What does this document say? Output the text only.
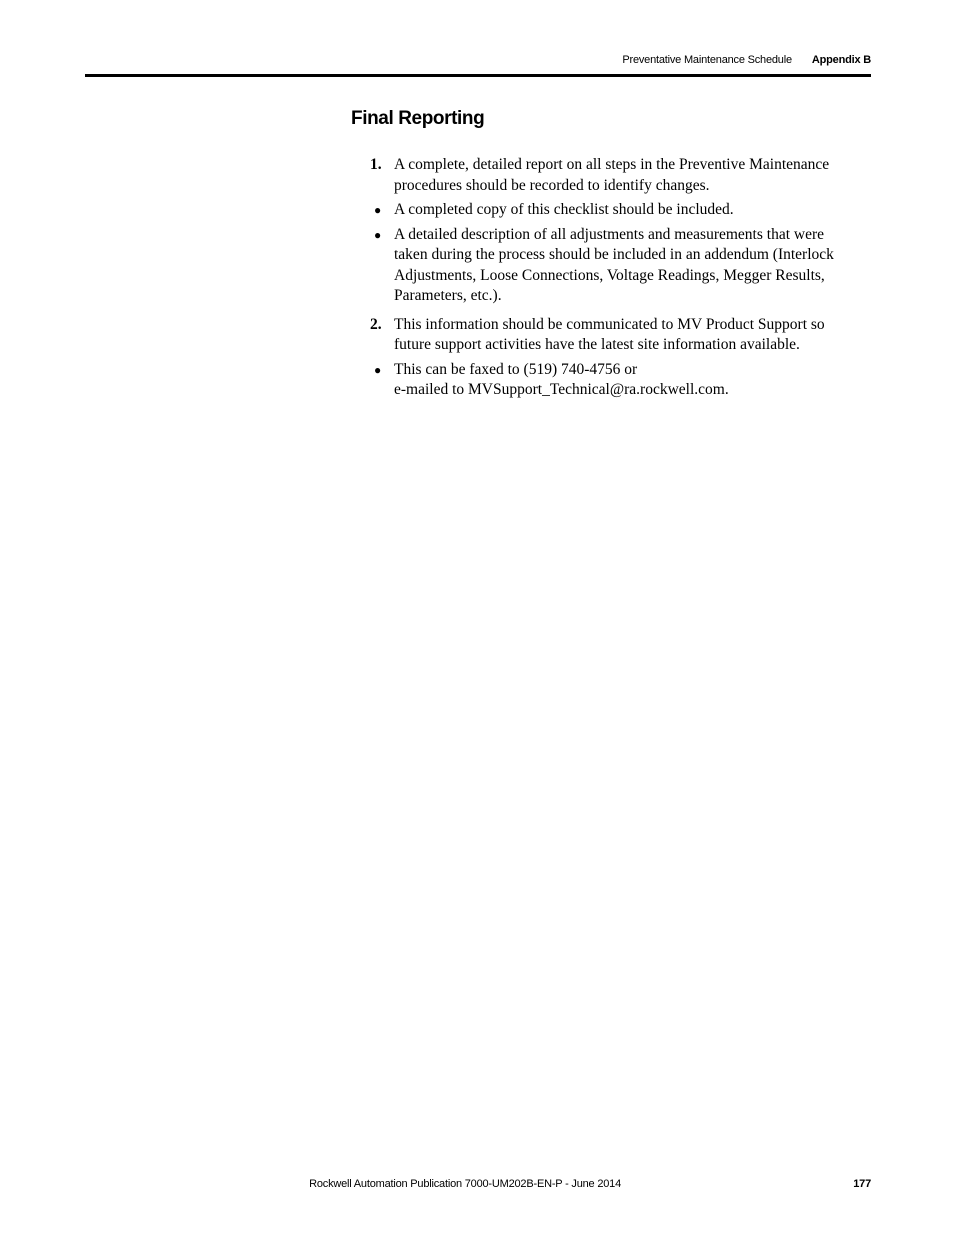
Preventative Maintenance Schedule Appendix B
Final Reporting
1. A complete, detailed report on all steps in the Preventive Maintenance procedures should be recorded to identify changes.
● A completed copy of this checklist should be included.
● A detailed description of all adjustments and measurements that were taken during the process should be included in an addendum (Interlock Adjustments, Loose Connections, Voltage Readings, Megger Results, Parameters, etc.).
2. This information should be communicated to MV Product Support so future support activities have the latest site information available.
● This can be faxed to (519) 740-4756 or
e-mailed to MVSupport_Technical@ra.rockwell.com.
Rockwell Automation Publication 7000-UM202B-EN-P - June 2014	177
